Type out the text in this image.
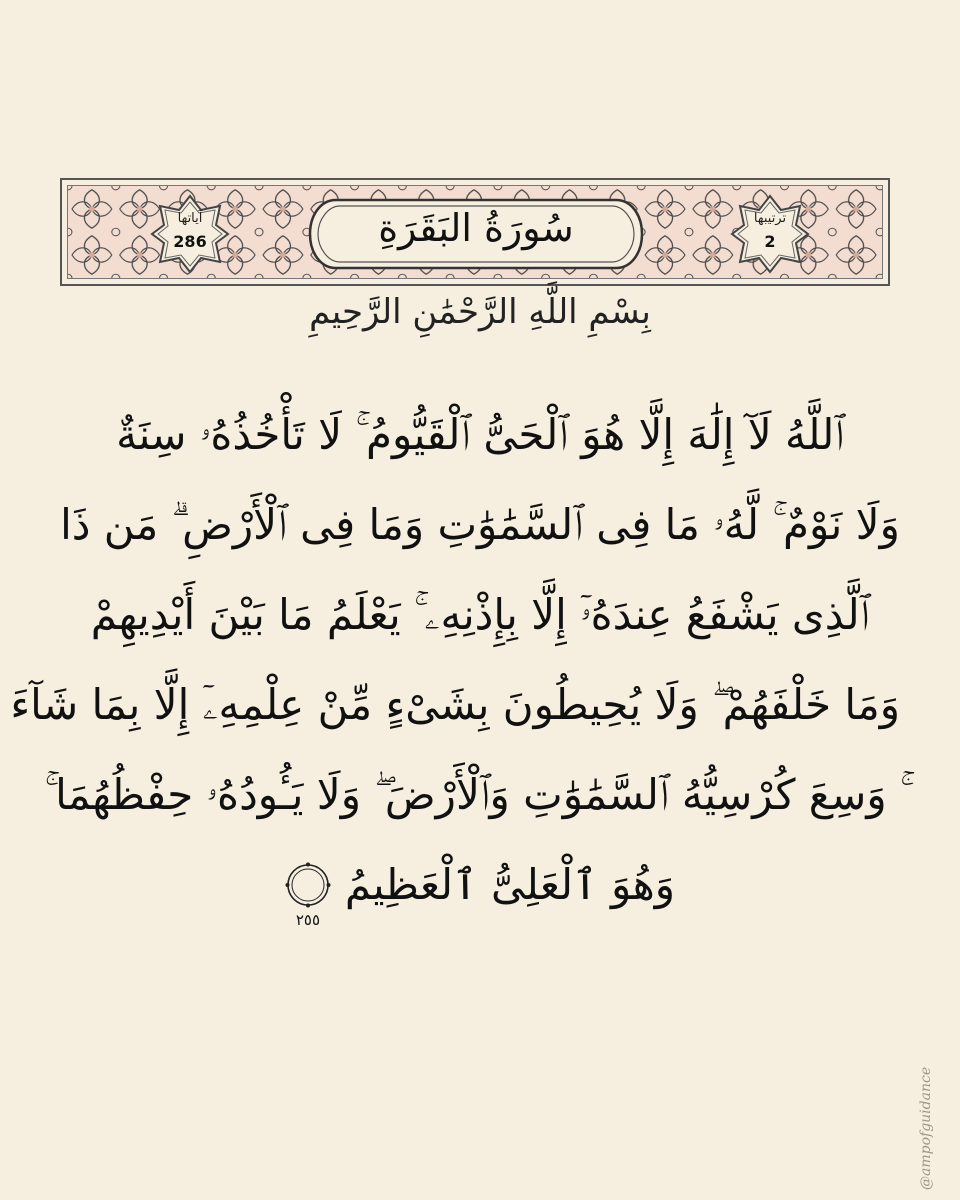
آياتها
286	سُورَةُ البَقَرَةِ	ترتيبها
2
بِسْمِ اللَّهِ الرَّحْمَٰنِ الرَّحِيمِ
ٱللَّهُ لَآ إِلَٰهَ إِلَّا هُوَ ٱلْحَىُّ ٱلْقَيُّومُ ۚ لَا تَأْخُذُهُۥ سِنَةٌ
وَلَا نَوْمٌ ۚ لَّهُۥ مَا فِى ٱلسَّمَٰوَٰتِ وَمَا فِى ٱلْأَرْضِ ۗ مَن ذَا
ٱلَّذِى يَشْفَعُ عِندَهُۥٓ إِلَّا بِإِذْنِهِۦ ۚ يَعْلَمُ مَا بَيْنَ أَيْدِيهِمْ
وَمَا خَلْفَهُمْ ۖ وَلَا يُحِيطُونَ بِشَىْءٍ مِّنْ عِلْمِهِۦٓ إِلَّا بِمَا شَآءَ
ۚ وَسِعَ كُرْسِيُّهُ ٱلسَّمَٰوَٰتِ وَٱلْأَرْضَ ۖ وَلَا يَـُٔودُهُۥ حِفْظُهُمَا ۚ
وَهُوَ ٱلْعَلِىُّ ٱلْعَظِيمُ
٢٥٥
@ampofguidance
